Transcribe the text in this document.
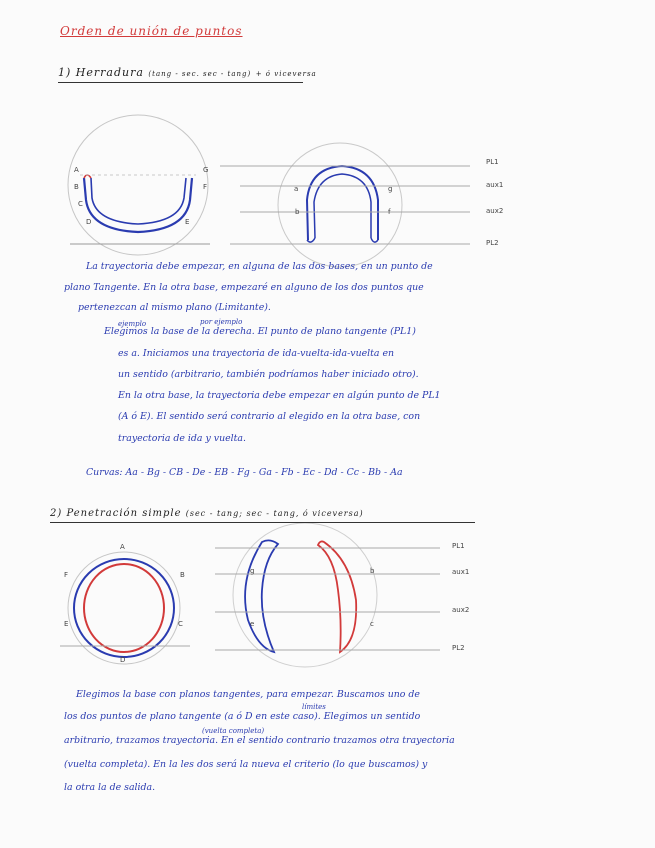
Orden de unión de puntos
1) Herradura (tang - sec. sec - tang) + ó viceversa
A
B
C
D	E
F
G
a
b
g
f
PL1
aux1
aux2
PL2
La trayectoria debe empezar, en alguna de las dos bases, en un punto de
plano Tangente. En la otra base, empezaré en alguno de los dos puntos que
pertenezcan al mismo plano (Limitante).
ejemplo	por ejemplo
Elegimos la base de la derecha. El punto de plano tangente (PL1)
es a. Iniciamos una trayectoria de ida-vuelta-ida-vuelta en
un sentido (arbitrario, también podríamos haber iniciado otro).
En la otra base, la trayectoria debe empezar en algún punto de PL1
(A ó E). El sentido será contrario al elegido en la otra base, con
trayectoria de ida y vuelta.
Curvas: Aa - Bg - CB - De - EB - Fg - Ga - Fb - Ec - Dd - Cc - Bb - Aa
2) Penetración simple (sec - tang; sec - tang, ó viceversa)
A
F
E
D
C
B	g
e
b
c
PL1
aux1
aux2
PL2
Elegimos la base con planos tangentes, para empezar. Buscamos uno de
límites
los dos puntos de plano tangente (a ó D en este caso). Elegimos un sentido
(vuelta completa)
arbitrario, trazamos trayectoria. En el sentido contrario trazamos otra trayectoria
(vuelta completa). En la les dos será la nueva el criterio (lo que buscamos) y
la otra la de salida.
